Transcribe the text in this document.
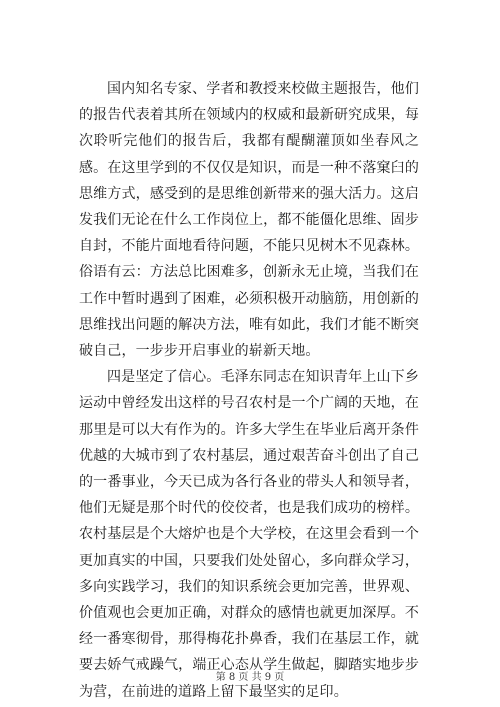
国内知名专家、学者和教授来校做主题报告，他们的报告代表着其所在领域内的权威和最新研究成果，每次聆听完他们的报告后，我都有醍醐灌顶如坐春风之感。在这里学到的不仅仅是知识，而是一种不落窠臼的思维方式，感受到的是思维创新带来的强大活力。这启发我们无论在什么工作岗位上，都不能僵化思维、固步自封，不能片面地看待问题，不能只见树木不见森林。俗语有云：方法总比困难多，创新永无止境，当我们在工作中暂时遇到了困难，必须积极开动脑筋，用创新的思维找出问题的解决方法，唯有如此，我们才能不断突破自己，一步步开启事业的崭新天地。

四是坚定了信心。毛泽东同志在知识青年上山下乡运动中曾经发出这样的号召农村是一个广阔的天地，在那里是可以大有作为的。许多大学生在毕业后离开条件优越的大城市到了农村基层，通过艰苦奋斗创出了自己的一番事业，今天已成为各行各业的带头人和领导者，他们无疑是那个时代的佼佼者，也是我们成功的榜样。农村基层是个大熔炉也是个大学校，在这里会看到一个更加真实的中国，只要我们处处留心，多向群众学习，多向实践学习，我们的知识系统会更加完善，世界观、价值观也会更加正确，对群众的感情也就更加深厚。不经一番寒彻骨，那得梅花扑鼻香，我们在基层工作，就要去娇气戒躁气，端正心态从学生做起，脚踏实地步步为营，在前进的道路上留下最坚实的足印。

第 8 页 共 9 页
